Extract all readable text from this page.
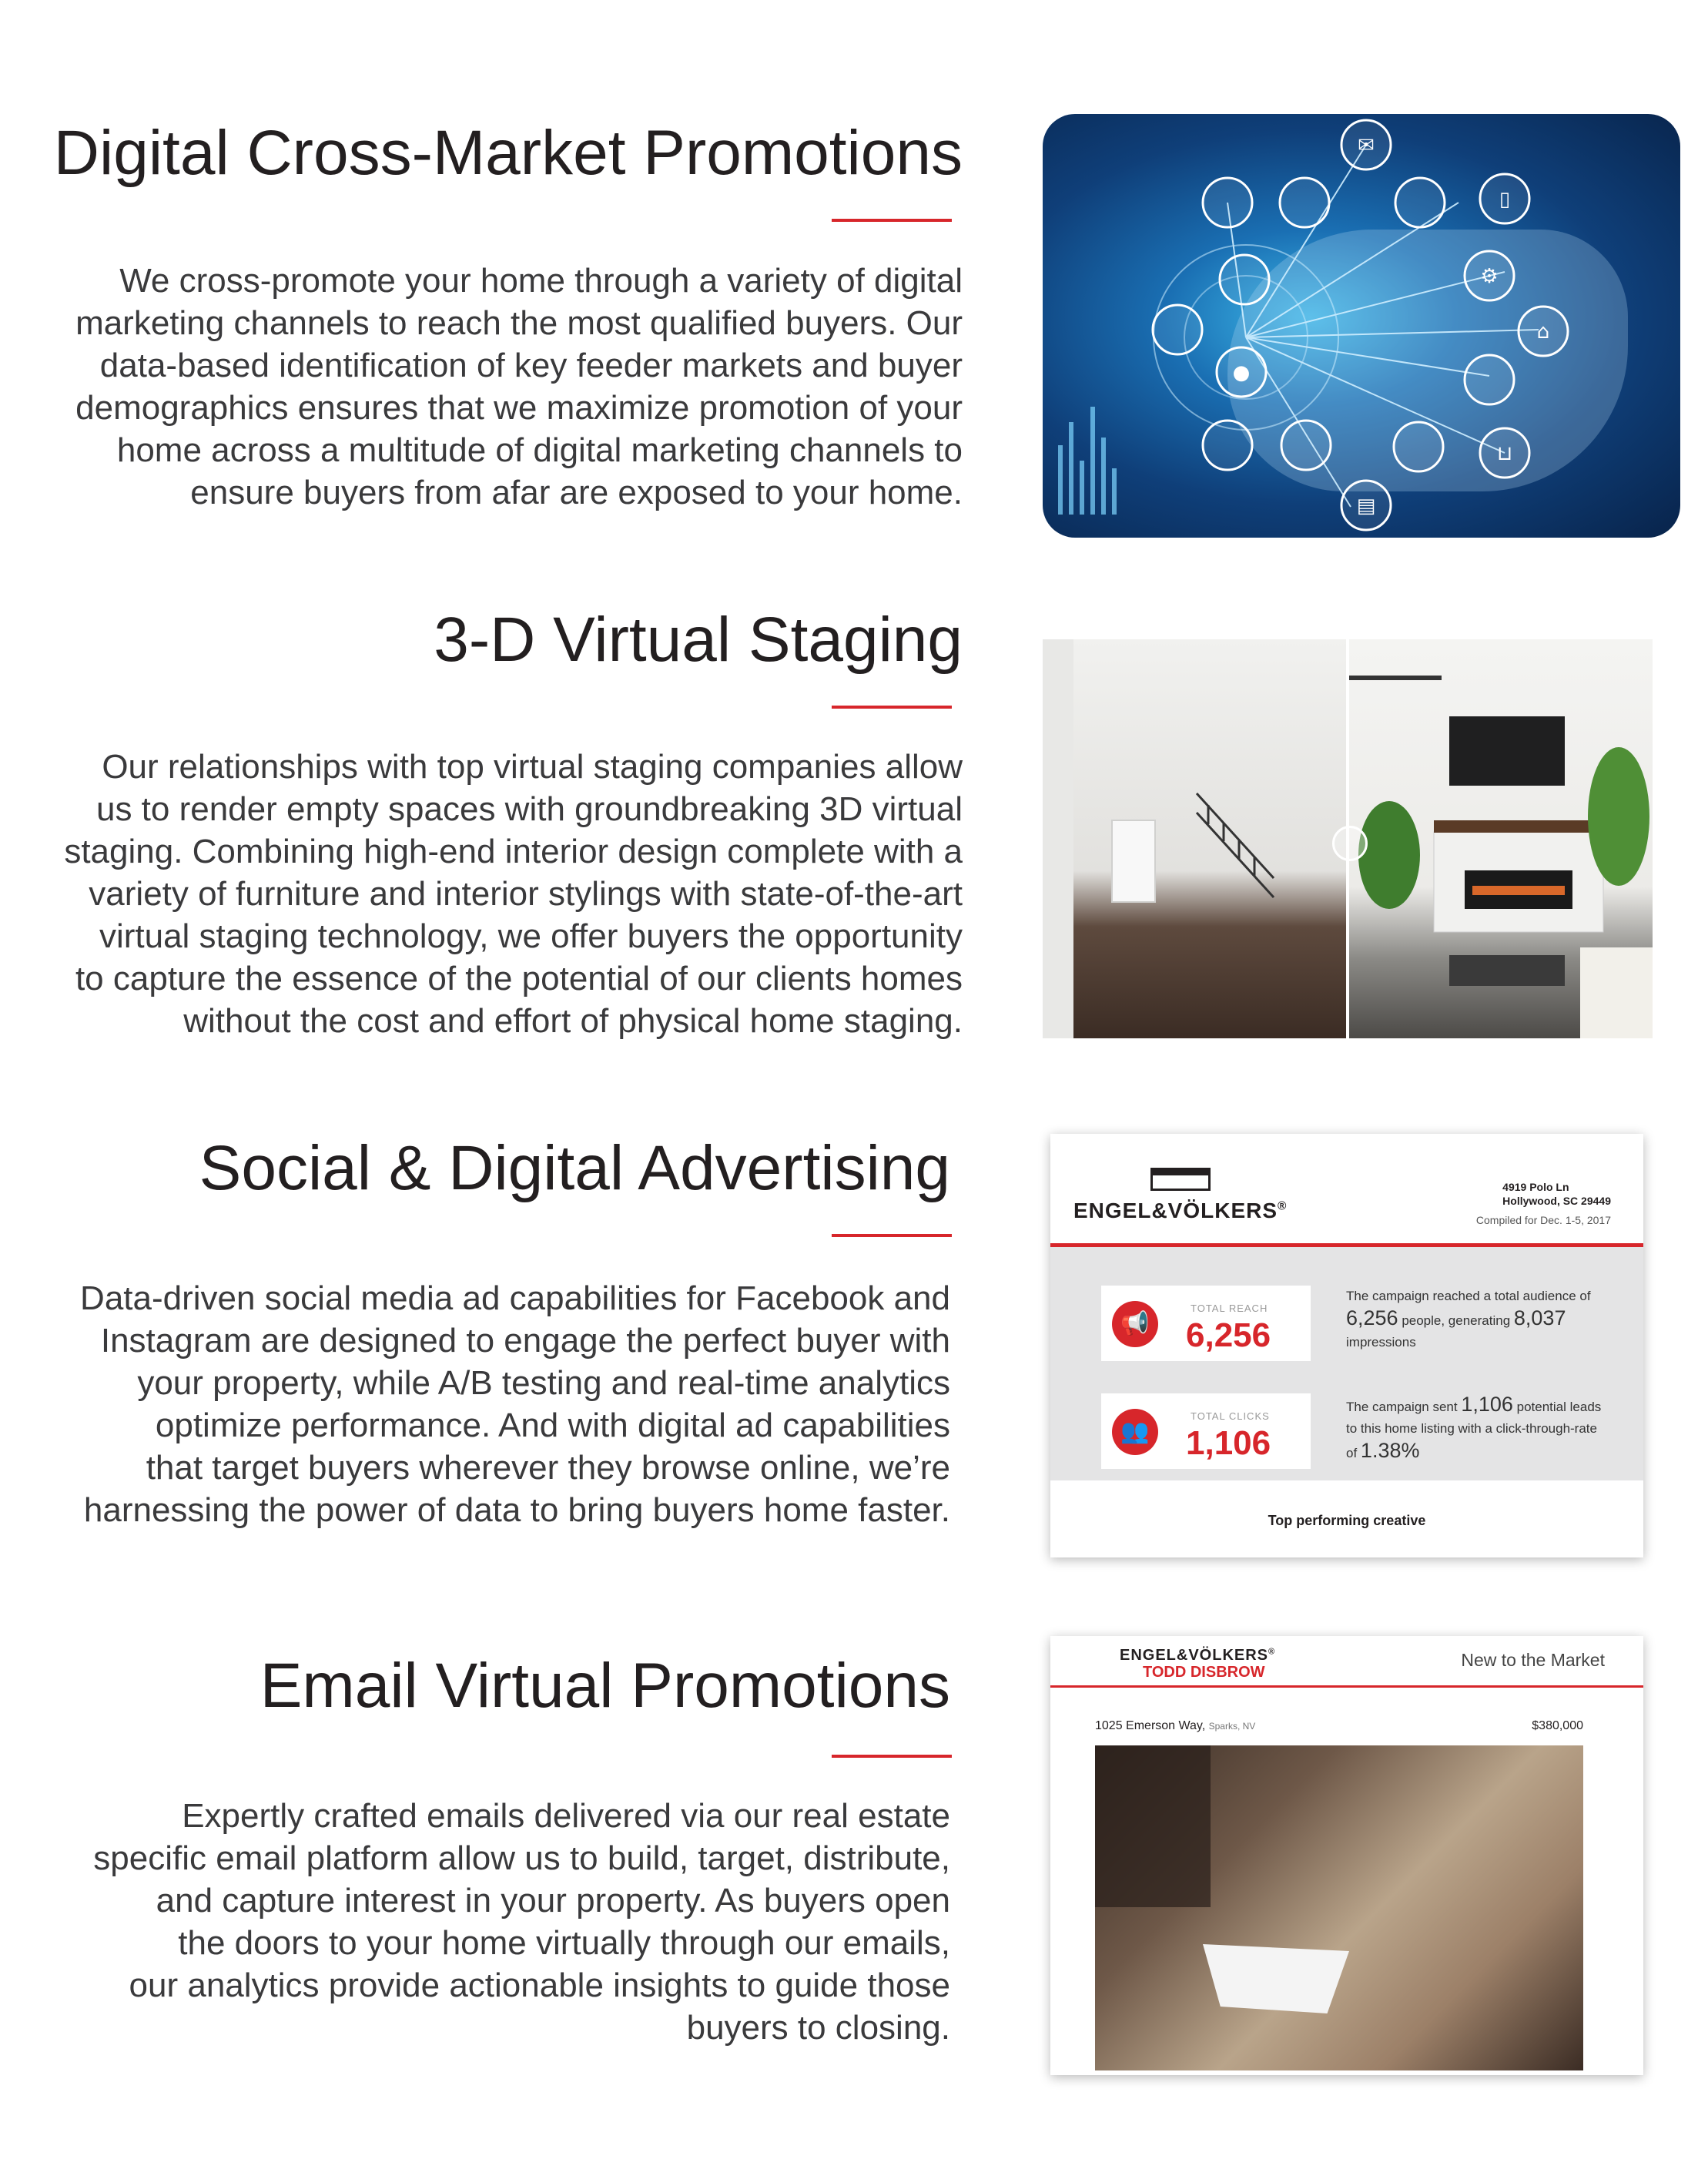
Digital Cross-Market Promotions

We cross-promote your home through a variety of digital
marketing channels to reach the most qualified buyers. Our
data-based identification of key feeder markets and buyer
demographics ensures that we maximize promotion of your
home across a multitude of digital marketing channels to
ensure buyers from afar are exposed to your home.

✉
▯
⚙
⌂
●
⊔
▤
3-D Virtual Staging

Our relationships with top virtual staging companies allow
us to render empty spaces with groundbreaking 3D virtual
staging. Combining high-end interior design complete with a
variety of furniture and interior stylings with state-of-the-art
virtual staging technology, we offer buyers the opportunity
to capture the essence of the potential of our clients homes
without the cost and effort of physical home staging.

Social & Digital Advertising

Data-driven social media ad capabilities for Facebook and
Instagram are designed to engage the perfect buyer with
your property, while A/B testing and real-time analytics
optimize performance. And with digital ad capabilities
that target buyers wherever they browse online, we’re
harnessing the power of data to bring buyers home faster.

ENGEL&VÖLKERS®
4919 Polo Ln
Hollywood, SC 29449
Compiled for Dec. 1-5, 2017
📢
TOTAL REACH
6,256
The campaign reached a total audience of 6,256 people, generating 8,037 impressions
👥
TOTAL CLICKS
1,106
The campaign sent 1,106 potential leads to this home listing with a click-through-rate of 1.38%
Top performing creative
Email Virtual Promotions

Expertly crafted emails delivered via our real estate
specific email platform allow us to build, target, distribute,
and capture interest in your property. As buyers open
the doors to your home virtually through our emails,
our analytics provide actionable insights to guide those
buyers to closing.

ENGEL&VÖLKERS®
TODD DISBROW
New to the Market
1025 Emerson Way, Sparks, NV	$380,000
